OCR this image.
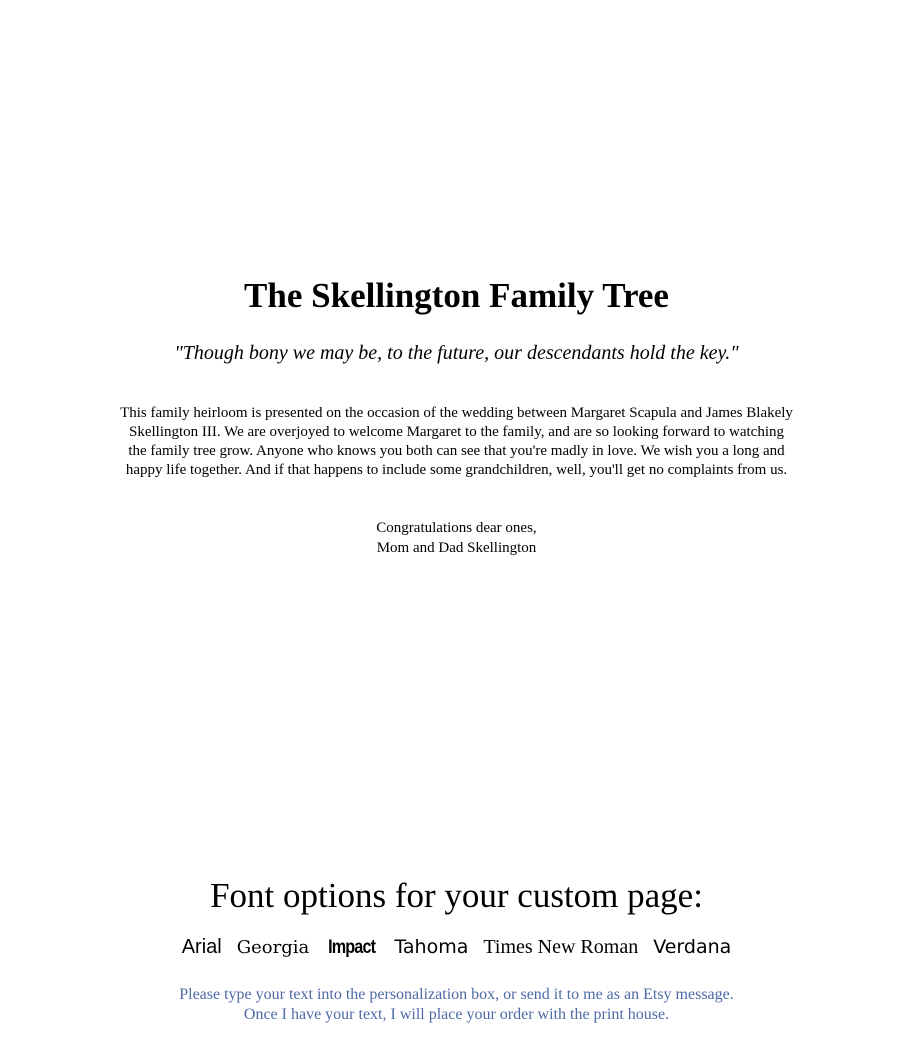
The Skellington Family Tree
"Though bony we may be, to the future, our descendants hold the key."

This family heirloom is presented on the occasion of the wedding between Margaret Scapula and James Blakely Skellington III. We are overjoyed to welcome Margaret to the family, and are so looking forward to watching the family tree grow. Anyone who knows you both can see that you're madly in love. We wish you a long and happy life together. And if that happens to include some grandchildren, well, you'll get no complaints from us.

Congratulations dear ones,
Mom and Dad Skellington
Font options for your custom page:
Arial Georgia Impact Tahoma Times New Roman Verdana
Please type your text into the personalization box, or send it to me as an Etsy message.
Once I have your text, I will place your order with the print house.
